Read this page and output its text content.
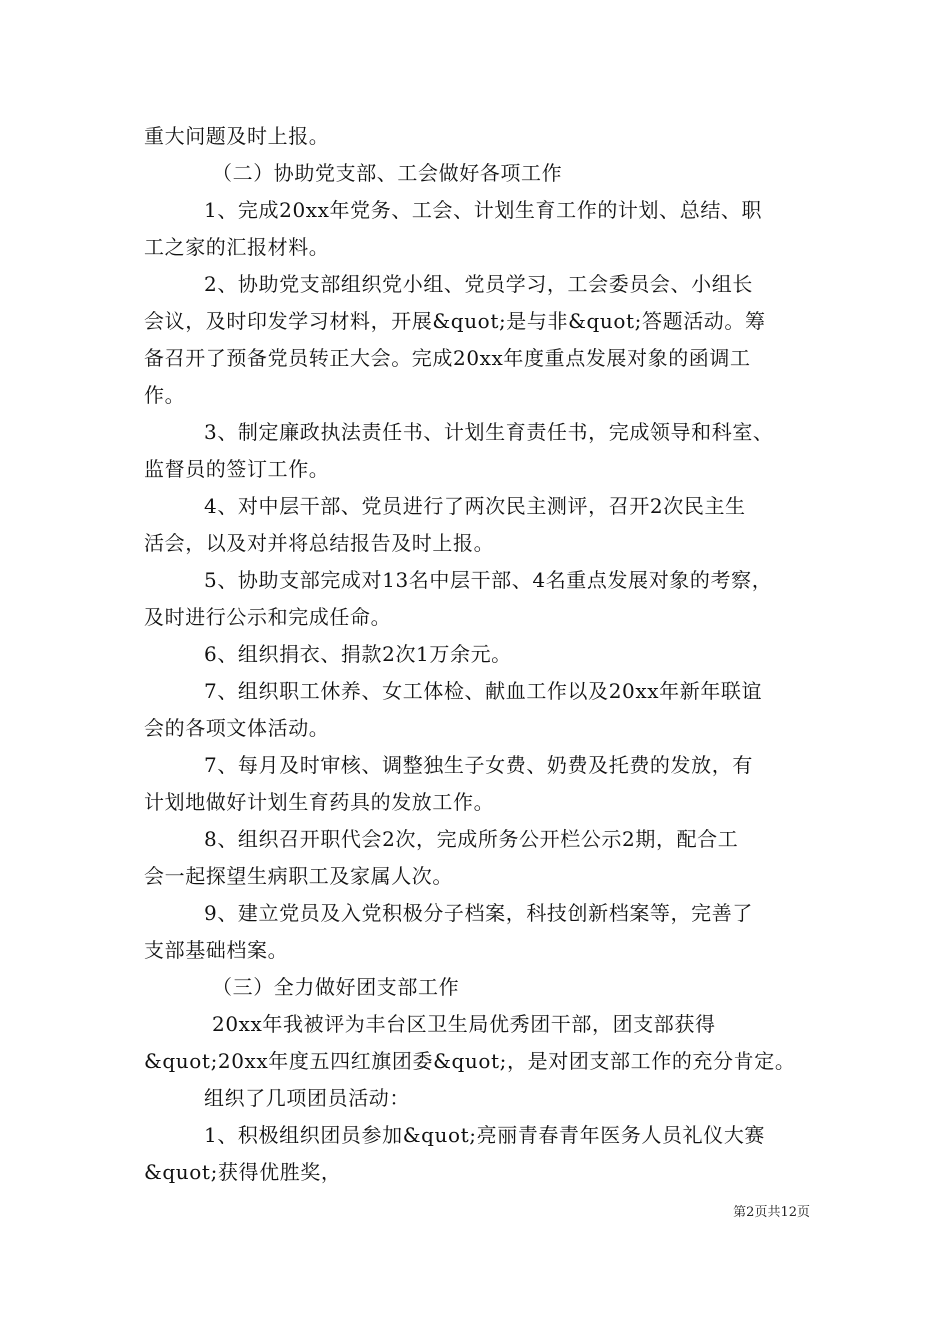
重大问题及时上报。
（二）协助党支部、工会做好各项工作
1、完成20xx年党务、工会、计划生育工作的计划、总结、职
工之家的汇报材料。
2、协助党支部组织党小组、党员学习，工会委员会、小组长
会议，及时印发学习材料，开展&quot;是与非&quot;答题活动。筹
备召开了预备党员转正大会。完成20xx年度重点发展对象的函调工
作。
3、制定廉政执法责任书、计划生育责任书，完成领导和科室、
监督员的签订工作。
4、对中层干部、党员进行了两次民主测评，召开2次民主生
活会，以及对并将总结报告及时上报。
5、协助支部完成对13名中层干部、4名重点发展对象的考察，
及时进行公示和完成任命。
6、组织捐衣、捐款2次1万余元。
7、组织职工休养、女工体检、献血工作以及20xx年新年联谊
会的各项文体活动。
7、每月及时审核、调整独生子女费、奶费及托费的发放，有
计划地做好计划生育药具的发放工作。
8、组织召开职代会2次，完成所务公开栏公示2期，配合工
会一起探望生病职工及家属人次。
9、建立党员及入党积极分子档案，科技创新档案等，完善了
支部基础档案。
（三）全力做好团支部工作
20xx年我被评为丰台区卫生局优秀团干部，团支部获得
&quot;20xx年度五四红旗团委&quot;，是对团支部工作的充分肯定。
组织了几项团员活动：
1、积极组织团员参加&quot;亮丽青春青年医务人员礼仪大赛
&quot;获得优胜奖，
第2页共12页
